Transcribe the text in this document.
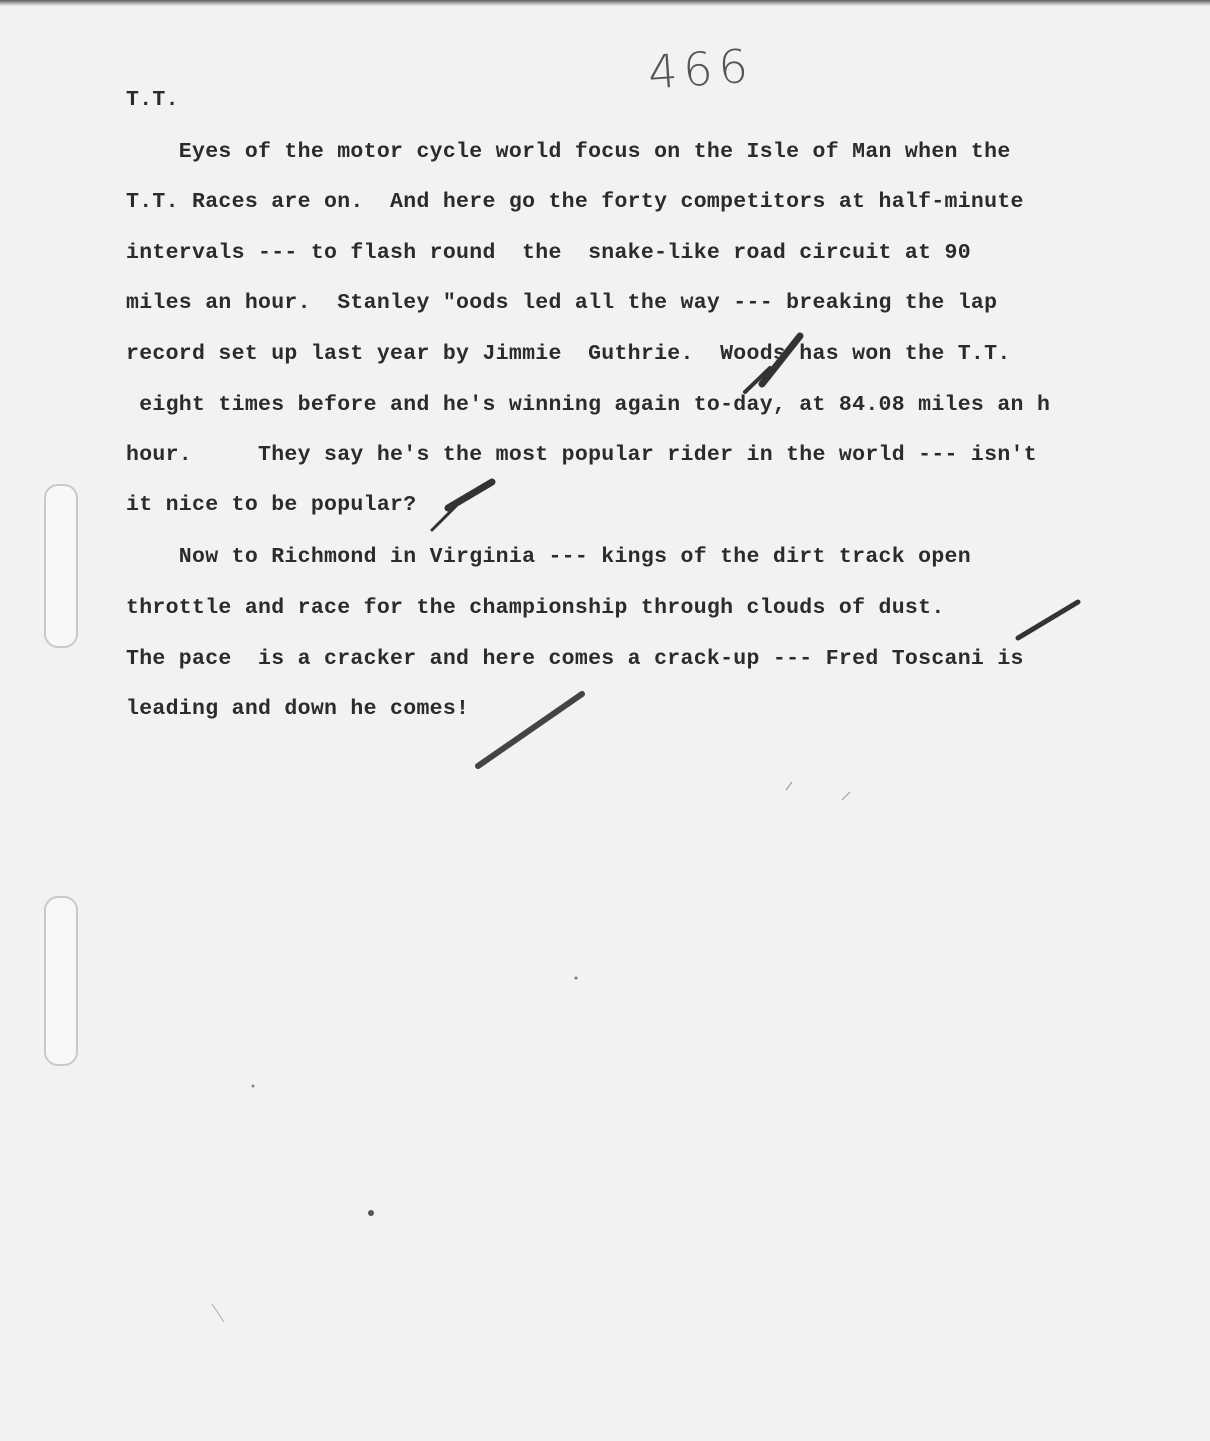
466
T.T.
Eyes of the motor cycle world focus on the Isle of Man when the
T.T. Races are on.  And here go the forty competitors at half-minute
intervals --- to flash round  the  snake-like road circuit at 90
miles an hour.  Stanley "oods led all the way --- breaking the lap
record set up last year by Jimmie  Guthrie.  Woods has won the T.T.
eight times before and he's winning again to-day, at 84.08 miles an h
hour.     They say he's the most popular rider in the world --- isn't
it nice to be popular?
Now to Richmond in Virginia --- kings of the dirt track open
throttle and race for the championship through clouds of dust.
The pace  is a cracker and here comes a crack-up --- Fred Toscani is
leading and down he comes!
